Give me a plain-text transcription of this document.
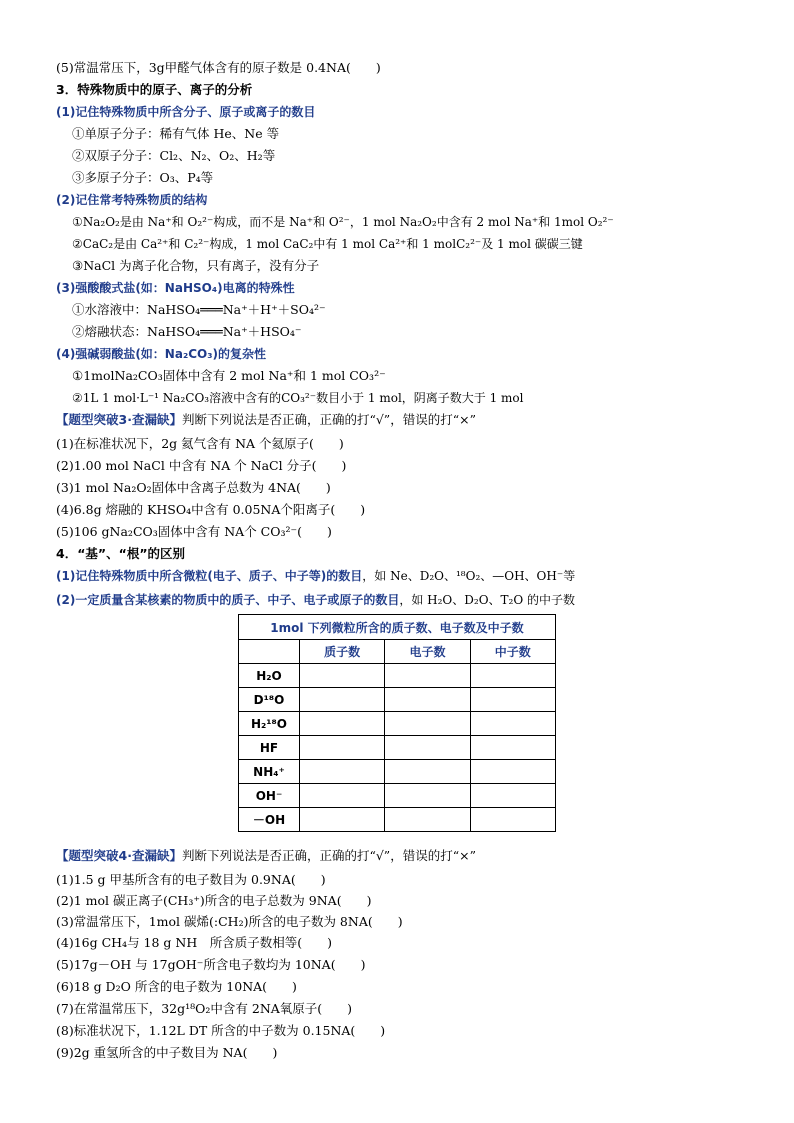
(5)常温常压下，3g甲醛气体含有的原子数是 0.4NA(　　)
3．特殊物质中的原子、离子的分析
(1)记住特殊物质中所含分子、原子或离子的数目
①单原子分子：稀有气体 He、Ne 等
②双原子分子：Cl₂、N₂、O₂、H₂等
③多原子分子：O₃、P₄等
(2)记住常考特殊物质的结构
①Na₂O₂是由 Na⁺和 O₂²⁻构成，而不是 Na⁺和 O²⁻，1 mol Na₂O₂中含有 2 mol Na⁺和 1mol O₂²⁻
②CaC₂是由 Ca²⁺和 C₂²⁻构成，1 mol CaC₂中有 1 mol Ca²⁺和 1 molC₂²⁻及 1 mol 碳碳三键
③NaCl 为离子化合物，只有离子，没有分子
(3)强酸酸式盐(如：NaHSO₄)电离的特殊性
①水溶液中：NaHSO₄═══Na⁺＋H⁺＋SO₄²⁻
②熔融状态：NaHSO₄═══Na⁺＋HSO₄⁻
(4)强碱弱酸盐(如：Na₂CO₃)的复杂性
①1molNa₂CO₃固体中含有 2 mol Na⁺和 1 mol CO₃²⁻
②1L 1 mol·L⁻¹ Na₂CO₃溶液中含有的CO₃²⁻数目小于 1 mol，阴离子数大于 1 mol
【题型突破3·查漏缺】判断下列说法是否正确，正确的打“√”，错误的打“×”
(1)在标准状况下，2g 氦气含有 NA 个氦原子(　　)
(2)1.00 mol NaCl 中含有 NA 个 NaCl 分子(　　)
(3)1 mol Na₂O₂固体中含离子总数为 4NA(　　)
(4)6.8g 熔融的 KHSO₄中含有 0.05NA个阳离子(　　)
(5)106 gNa₂CO₃固体中含有 NA个 CO₃²⁻(　　)
4．“基”、“根”的区别
(1)记住特殊物质中所含微粒(电子、质子、中子等)的数目，如 Ne、D₂O、¹⁸O₂、—OH、OH⁻等
(2)一定质量含某核素的物质中的质子、中子、电子或原子的数目，如 H₂O、D₂O、T₂O 的中子数
1mol 下列微粒所含的质子数、电子数及中子数			
	质子数	电子数	中子数
H₂O			
D¹⁸O			
H₂¹⁸O			
HF			
NH₄⁺			
OH⁻			
－OH			
【题型突破4·查漏缺】判断下列说法是否正确，正确的打“√”，错误的打“×”
(1)1.5 g 甲基所含有的电子数目为 0.9NA(　　)
(2)1 mol 碳正离子(CH₃⁺)所含的电子总数为 9NA(　　)
(3)常温常压下，1mol 碳烯(:CH₂)所含的电子数为 8NA(　　)
(4)16g CH₄与 18 g NH　所含质子数相等(　　)
(5)17g－OH 与 17gOH⁻所含电子数均为 10NA(　　)
(6)18 g D₂O 所含的电子数为 10NA(　　)
(7)在常温常压下，32g¹⁸O₂中含有 2NA氧原子(　　)
(8)标准状况下，1.12L DT 所含的中子数为 0.15NA(　　)
(9)2g 重氢所含的中子数目为 NA(　　)
